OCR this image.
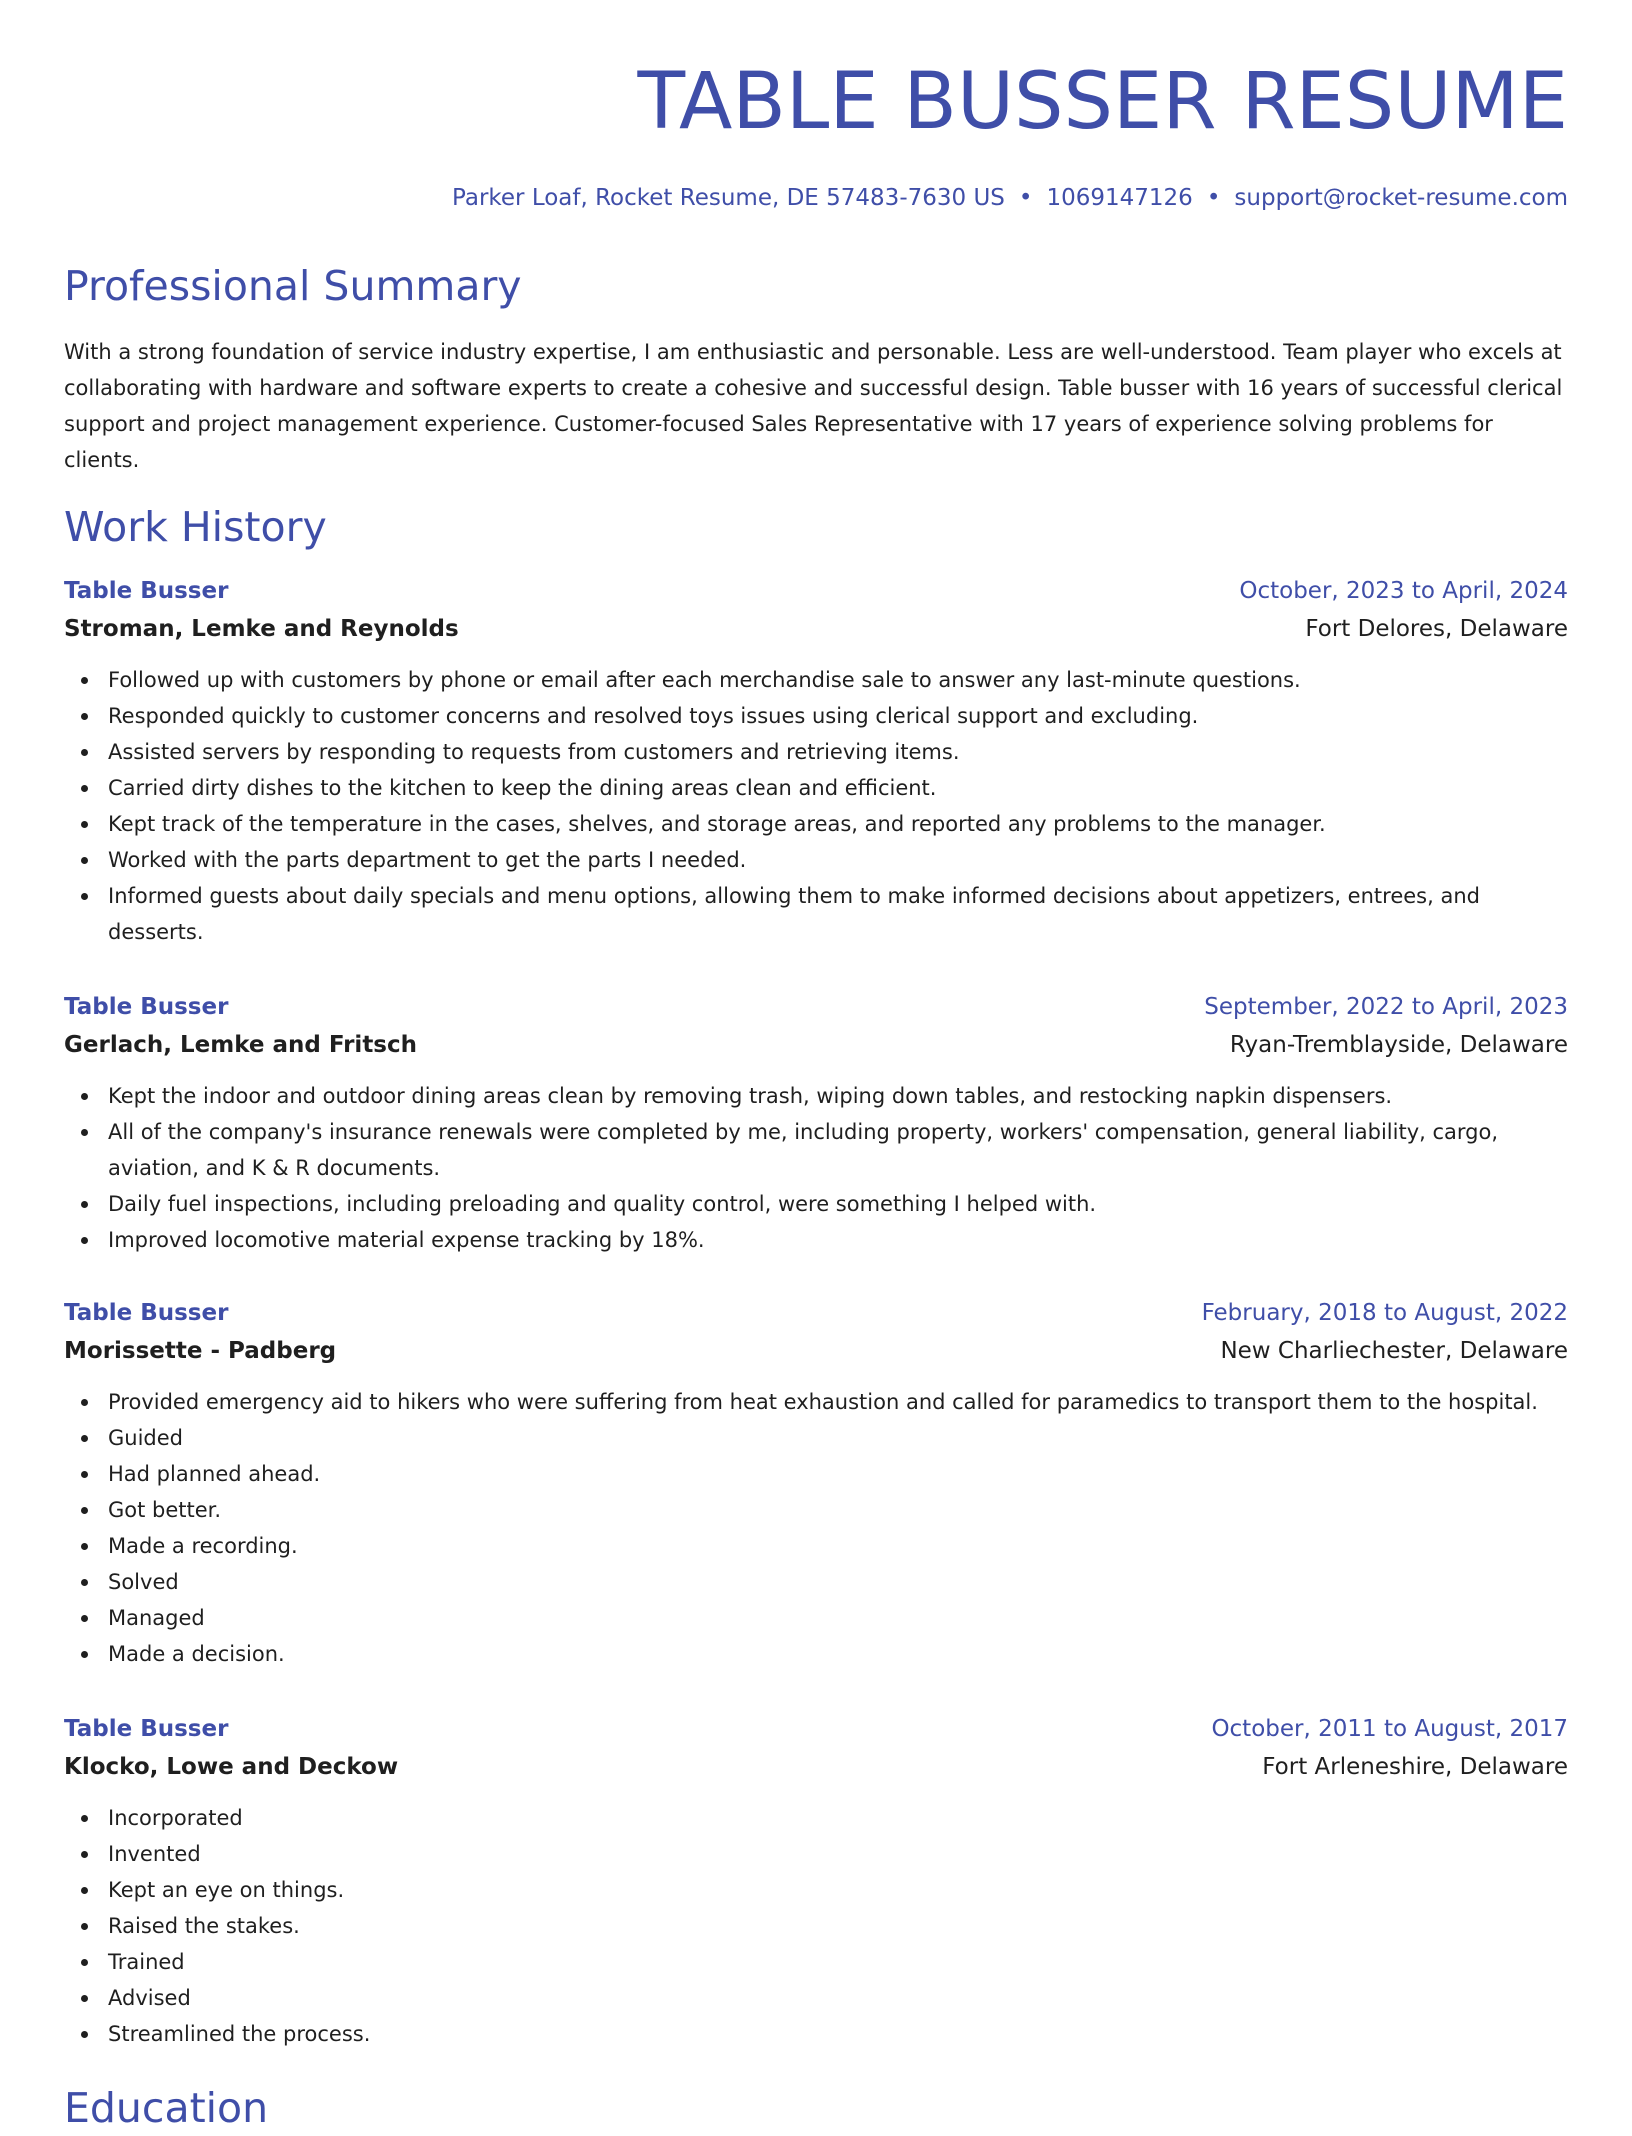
TABLE BUSSER RESUME
Parker Loaf, Rocket Resume, DE 57483-7630 US • 1069147126 • support@rocket-resume.com
Professional Summary

With a strong foundation of service industry expertise, I am enthusiastic and personable. Less are well-understood. Team player who excels at collaborating with hardware and software experts to create a cohesive and successful design. Table busser with 16 years of successful clerical support and project management experience. Customer-focused Sales Representative with 17 years of experience solving problems for clients.

Work History
Table Busser	October, 2023 to April, 2024
Stroman, Lemke and Reynolds	Fort Delores, Delaware
Followed up with customers by phone or email after each merchandise sale to answer any last-minute questions.
Responded quickly to customer concerns and resolved toys issues using clerical support and excluding.
Assisted servers by responding to requests from customers and retrieving items.
Carried dirty dishes to the kitchen to keep the dining areas clean and efficient.
Kept track of the temperature in the cases, shelves, and storage areas, and reported any problems to the manager.
Worked with the parts department to get the parts I needed.
Informed guests about daily specials and menu options, allowing them to make informed decisions about appetizers, entrees, and desserts.
Table Busser	September, 2022 to April, 2023
Gerlach, Lemke and Fritsch	Ryan-Tremblayside, Delaware
Kept the indoor and outdoor dining areas clean by removing trash, wiping down tables, and restocking napkin dispensers.
All of the company's insurance renewals were completed by me, including property, workers' compensation, general liability, cargo, aviation, and K & R documents.
Daily fuel inspections, including preloading and quality control, were something I helped with.
Improved locomotive material expense tracking by 18%.
Table Busser	February, 2018 to August, 2022
Morissette - Padberg	New Charliechester, Delaware
Provided emergency aid to hikers who were suffering from heat exhaustion and called for paramedics to transport them to the hospital.
Guided
Had planned ahead.
Got better.
Made a recording.
Solved
Managed
Made a decision.
Table Busser	October, 2011 to August, 2017
Klocko, Lowe and Deckow	Fort Arleneshire, Delaware
Incorporated
Invented
Kept an eye on things.
Raised the stakes.
Trained
Advised
Streamlined the process.
Education
